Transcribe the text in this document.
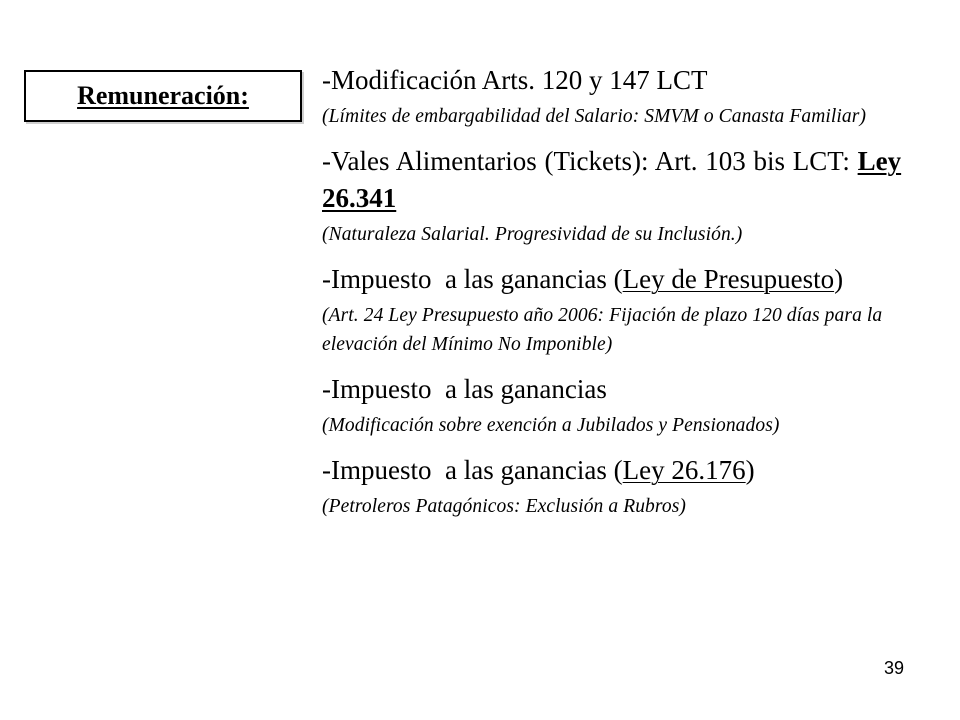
Remuneración:

-Modificación Arts. 120 y 147 LCT

(Límites de embargabilidad del Salario: SMVM o Canasta Familiar)

-Vales Alimentarios (Tickets): Art. 103 bis LCT: Ley 26.341

(Naturaleza Salarial. Progresividad de su Inclusión.)

-Impuesto  a las ganancias (Ley de Presupuesto)

(Art. 24 Ley Presupuesto año 2006: Fijación de plazo 120 días para la elevación del Mínimo No Imponible)

-Impuesto  a las ganancias

(Modificación sobre exención a Jubilados y Pensionados)

-Impuesto  a las ganancias (Ley 26.176)

(Petroleros Patagónicos: Exclusión a Rubros)

39
